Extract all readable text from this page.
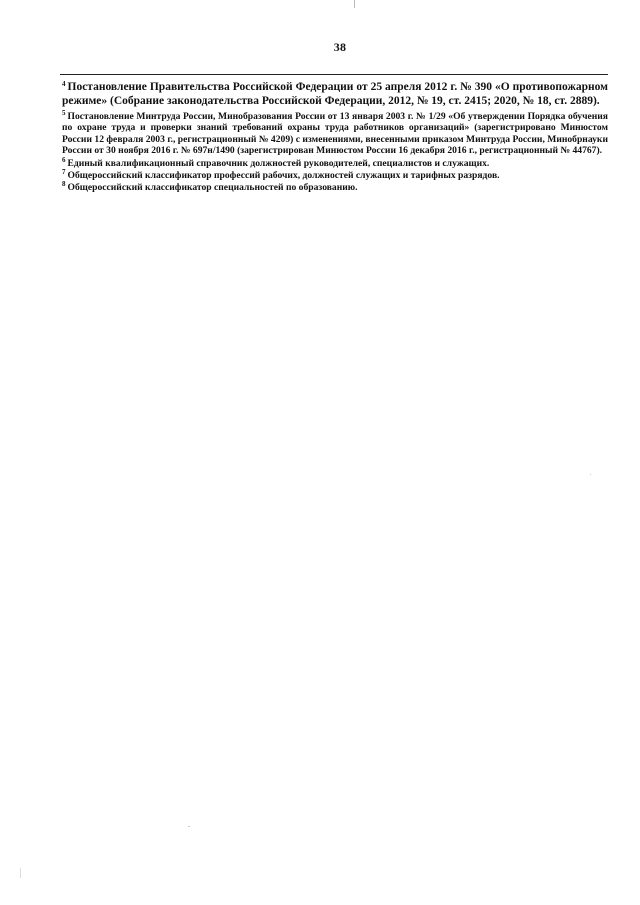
38

$^4$ Постановление Правительства Российской Федерации от 25 апреля 2012 г. № 390 «О противопожарном режиме» (Собрание законодательства Российской Федерации, 2012, № 19, ст. 2415; 2020, № 18, ст. 2889).

$^5$ Постановление Минтруда России, Минобразования России от 13 января 2003 г. № 1/29 «Об утверждении Порядка обучения по охране труда и проверки знаний требований охраны труда работников организаций» (зарегистрировано Минюстом России 12 февраля 2003 г., регистрационный № 4209) с изменениями, внесенными приказом Минтруда России, Минобрнауки России от 30 ноября 2016 г. № 697н/1490 (зарегистрирован Минюстом России 16 декабря 2016 г., регистрационный № 44767).

$^6$ Единый квалификационный справочник должностей руководителей, специалистов и служащих.

$^7$ Общероссийский классификатор профессий рабочих, должностей служащих и тарифных разрядов.

$^8$ Общероссийский классификатор специальностей по образованию.
